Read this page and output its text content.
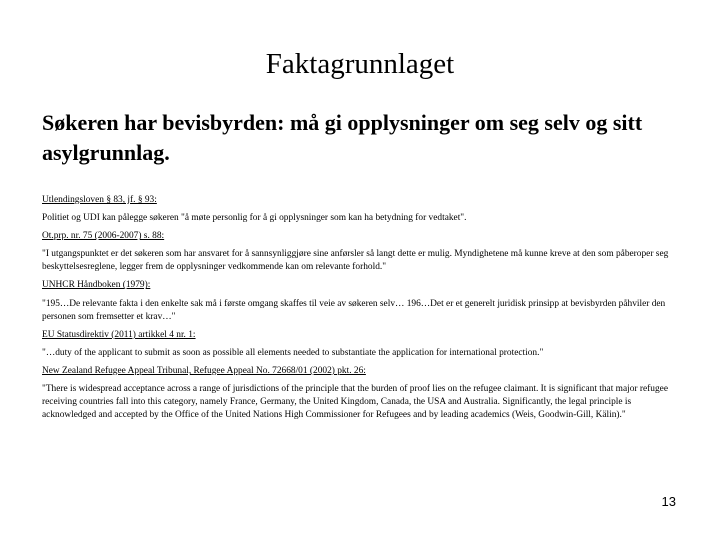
Faktagrunnlaget
Søkeren har bevisbyrden: må gi opplysninger om seg selv og sitt asylgrunnlag.

Utlendingsloven § 83, jf. § 93:

Politiet og UDI kan pålegge søkeren "å møte personlig for å gi opplysninger som kan ha betydning for vedtaket".

Ot.prp. nr. 75 (2006-2007) s. 88:

"I utgangspunktet er det søkeren som har ansvaret for å sannsynliggjøre sine anførsler så langt dette er mulig. Myndighetene må kunne kreve at den som påberoper seg beskyttelsesreglene, legger frem de opplysninger vedkommende kan om relevante forhold."

UNHCR Håndboken (1979):

"195…De relevante fakta i den enkelte sak må i første omgang skaffes til veie av søkeren selv… 196…Det er et generelt juridisk prinsipp at bevisbyrden påhviler den personen som fremsetter et krav…"

EU Statusdirektiv (2011) artikkel 4 nr. 1:

"…duty of the applicant to submit as soon as possible all elements needed to substantiate the application for international protection."

New Zealand Refugee Appeal Tribunal, Refugee Appeal No. 72668/01 (2002) pkt. 26:

"There is widespread acceptance across a range of jurisdictions of the principle that the burden of proof lies on the refugee claimant. It is significant that major refugee receiving countries fall into this category, namely France, Germany, the United Kingdom, Canada, the USA and Australia. Significantly, the legal principle is acknowledged and accepted by the Office of the United Nations High Commissioner for Refugees and by leading academics (Weis, Goodwin-Gill, Kälin)."

13
